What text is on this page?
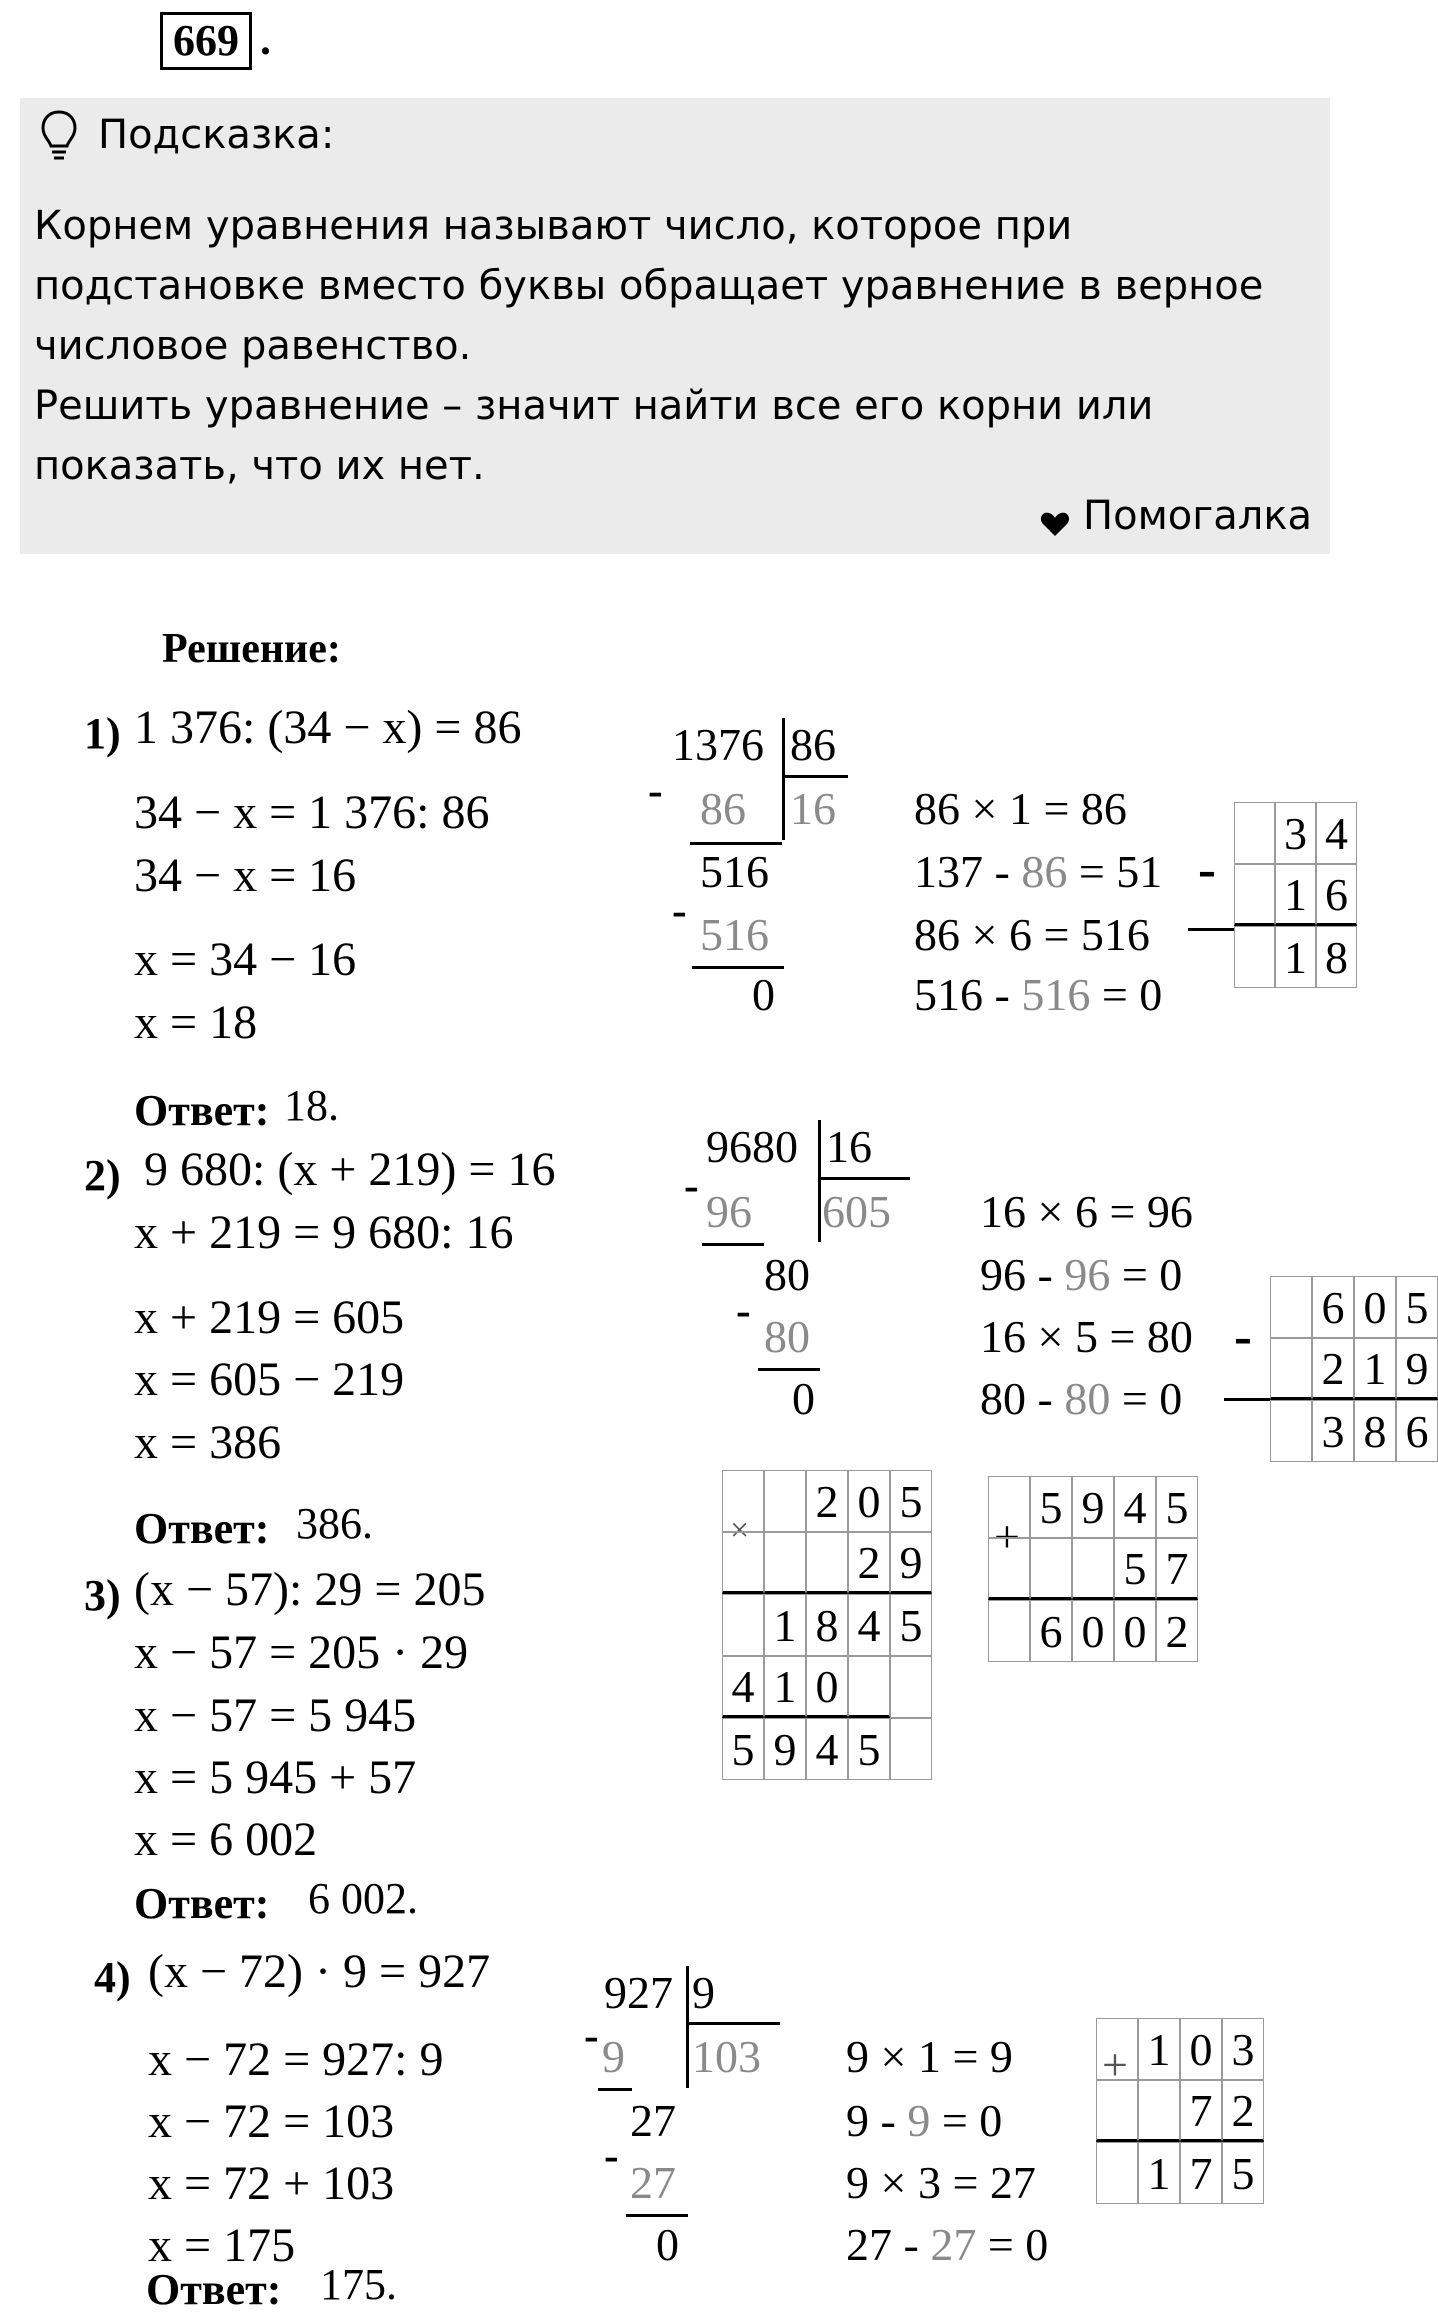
669 .
Подсказка:
Корнем уравнения называют число, которое при
подстановке вместо буквы обращает уравнение в верное
числовое равенство.
Решить уравнение – значит найти все его корни или
показать, что их нет.
Помогалка
Решение:
1) 1 376: (34 − x) = 86
34 − x = 1 376: 86
34 − x = 16
x = 34 − 16
x = 18
Ответ: 18.
1376 86
- 86 16
516
- 516
0
86 × 1 = 86
137 - 86 = 51
86 × 6 = 516
516 - 516 = 0
-
3 4
1 6
1 8
2) 9 680: (x + 219) = 16
x + 219 = 9 680: 16
x + 219 = 605
x = 605 − 219
x = 386
Ответ: 386.
9680 16
-
96 605
80
-
80
0
16 × 6 = 96
96 - 96 = 0
16 × 5 = 80
80 - 80 = 0
- 6 0 5
2 1 9
3 8 6
3) (x − 57): 29 = 205
x − 57 = 205 · 29
x − 57 = 5 945
x = 5 945 + 57
x = 6 002
Ответ: 6 002.
×
2 0 5
2 9
1 8 4 5
4 1 0
5 9 4 5
+
5 9 4 5
5 7
6 0 0 2
4) (x − 72) · 9 = 927
x − 72 = 927: 9
x − 72 = 103
x = 72 + 103
x = 175
Ответ: 175.
927 9
- 9 103
27
-
27
0
9 × 1 = 9
9 - 9 = 0
9 × 3 = 27
27 - 27 = 0
+ 1 0 3
7 2
1 7 5
